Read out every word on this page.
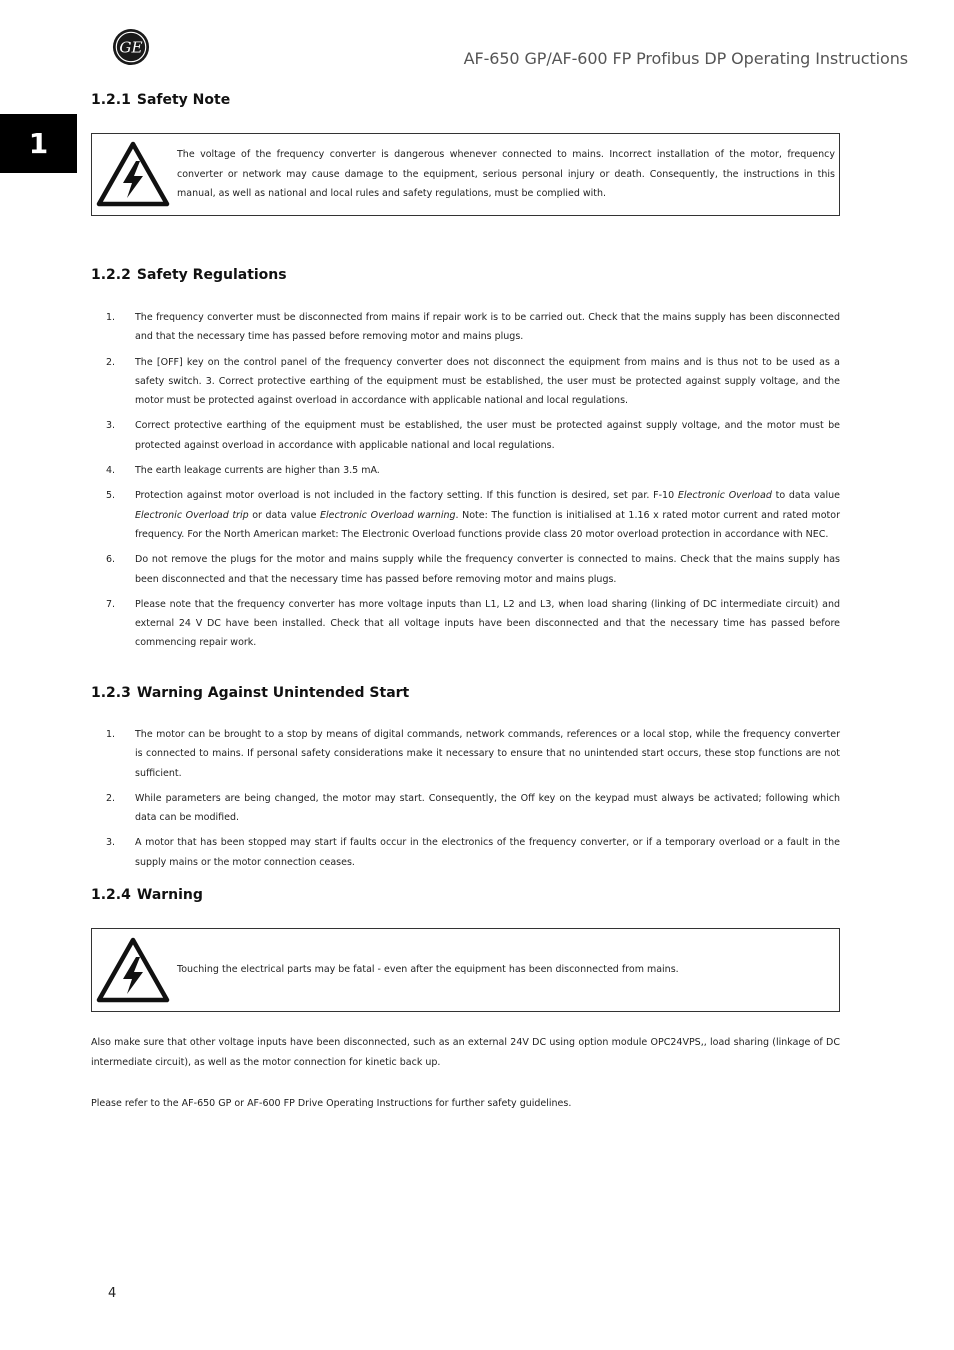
GE
AF-650 GP/AF-600 FP Profibus DP Operating Instructions
1
1.2.1 Safety Note
The voltage of the frequency converter is dangerous whenever connected to mains. Incorrect installation of the motor, frequency converter or network may cause damage to the equipment, serious personal injury or death. Consequently, the instructions in this manual, as well as national and local rules and safety regulations, must be complied with.
1.2.2 Safety Regulations
1. The frequency converter must be disconnected from mains if repair work is to be carried out. Check that the mains supply has been disconnected and that the necessary time has passed before removing motor and mains plugs.
2. The [OFF] key on the control panel of the frequency converter does not disconnect the equipment from mains and is thus not to be used as a safety switch. 3. Correct protective earthing of the equipment must be established, the user must be protected against supply voltage, and the motor must be protected against overload in accordance with applicable national and local regulations.
3. Correct protective earthing of the equipment must be established, the user must be protected against supply voltage, and the motor must be protected against overload in accordance with applicable national and local regulations.
4. The earth leakage currents are higher than 3.5 mA.
5. Protection against motor overload is not included in the factory setting. If this function is desired, set par. F-10 Electronic Overload to data value Electronic Overload trip or data value Electronic Overload warning. Note: The function is initialised at 1.16 x rated motor current and rated motor frequency. For the North American market: The Electronic Overload functions provide class 20 motor overload protection in accordance with NEC.
6. Do not remove the plugs for the motor and mains supply while the frequency converter is connected to mains. Check that the mains supply has been disconnected and that the necessary time has passed before removing motor and mains plugs.
7. Please note that the frequency converter has more voltage inputs than L1, L2 and L3, when load sharing (linking of DC intermediate circuit) and external 24 V DC have been installed. Check that all voltage inputs have been disconnected and that the necessary time has passed before commencing repair work.
1.2.3 Warning Against Unintended Start
1. The motor can be brought to a stop by means of digital commands, network commands, references or a local stop, while the frequency converter is connected to mains. If personal safety considerations make it necessary to ensure that no unintended start occurs, these stop functions are not sufficient.
2. While parameters are being changed, the motor may start. Consequently, the Off key on the keypad must always be activated; following which data can be modified.
3. A motor that has been stopped may start if faults occur in the electronics of the frequency converter, or if a temporary overload or a fault in the supply mains or the motor connection ceases.
1.2.4 Warning
Touching the electrical parts may be fatal - even after the equipment has been disconnected from mains.

Also make sure that other voltage inputs have been disconnected, such as an external 24V DC using option module OPC24VPS,, load sharing (linkage of DC intermediate circuit), as well as the motor connection for kinetic back up.

Please refer to the AF-650 GP or AF-600 FP Drive Operating Instructions for further safety guidelines.

4
